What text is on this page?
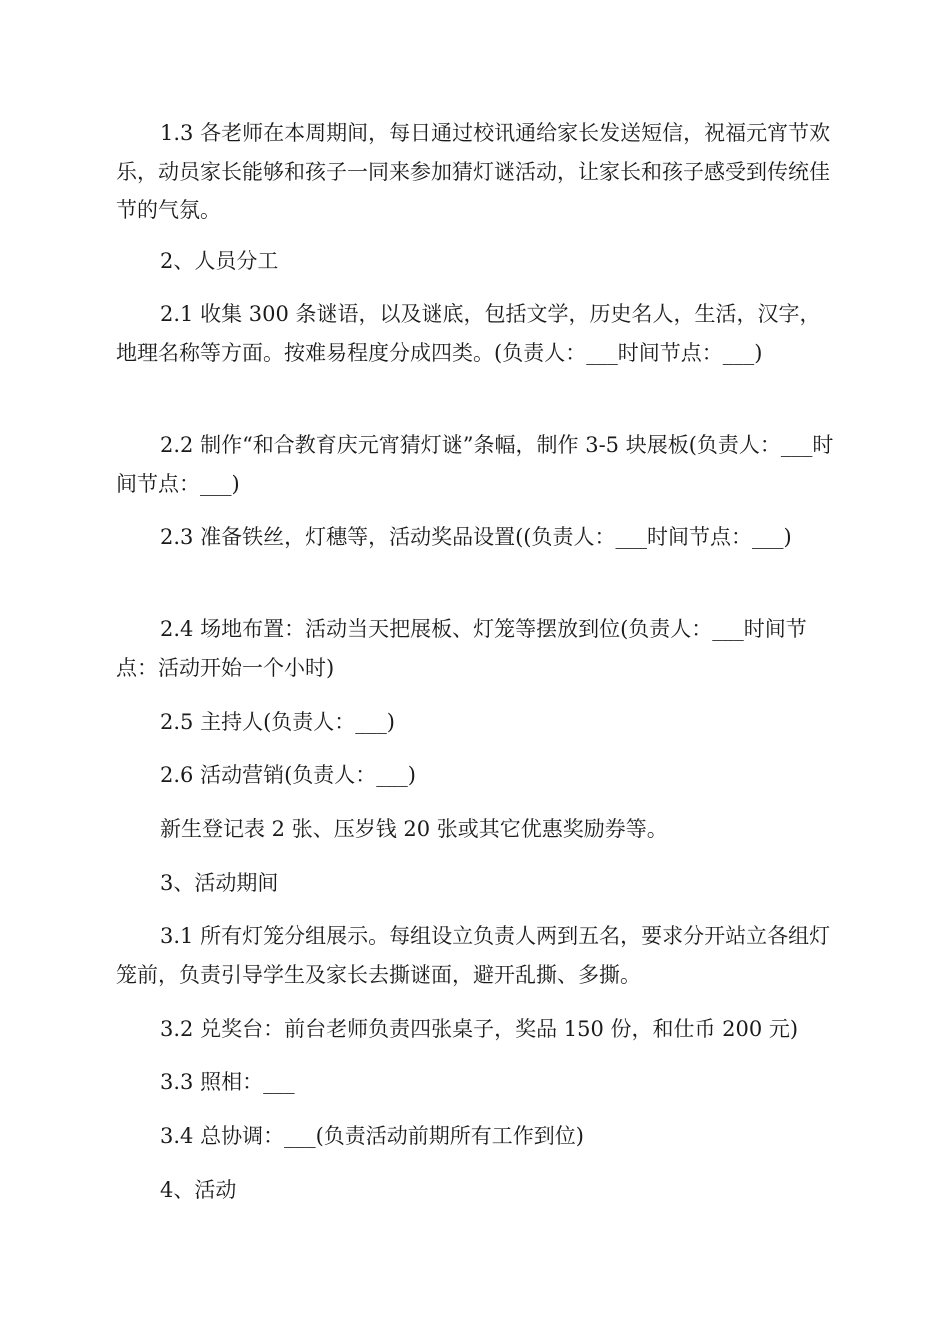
1.3 各老师在本周期间，每日通过校讯通给家长发送短信，祝福元宵节欢乐，动员家长能够和孩子一同来参加猜灯谜活动，让家长和孩子感受到传统佳节的气氛。

2、人员分工

2.1 收集 300 条谜语，以及谜底，包括文学，历史名人，生活，汉字，地理名称等方面。按难易程度分成四类。(负责人：___时间节点：___)

2.2 制作“和合教育庆元宵猜灯谜”条幅，制作 3-5 块展板(负责人：___时间节点：___)

2.3 准备铁丝，灯穗等，活动奖品设置((负责人：___时间节点：___)

2.4 场地布置：活动当天把展板、灯笼等摆放到位(负责人：___时间节点：活动开始一个小时)

2.5 主持人(负责人：___)

2.6 活动营销(负责人：___)

新生登记表 2 张、压岁钱 20 张或其它优惠奖励券等。

3、活动期间

3.1 所有灯笼分组展示。每组设立负责人两到五名，要求分开站立各组灯笼前，负责引导学生及家长去撕谜面，避开乱撕、多撕。

3.2 兑奖台：前台老师负责四张桌子，奖品 150 份，和仕币 200 元)

3.3 照相：___

3.4 总协调：___(负责活动前期所有工作到位)

4、活动
